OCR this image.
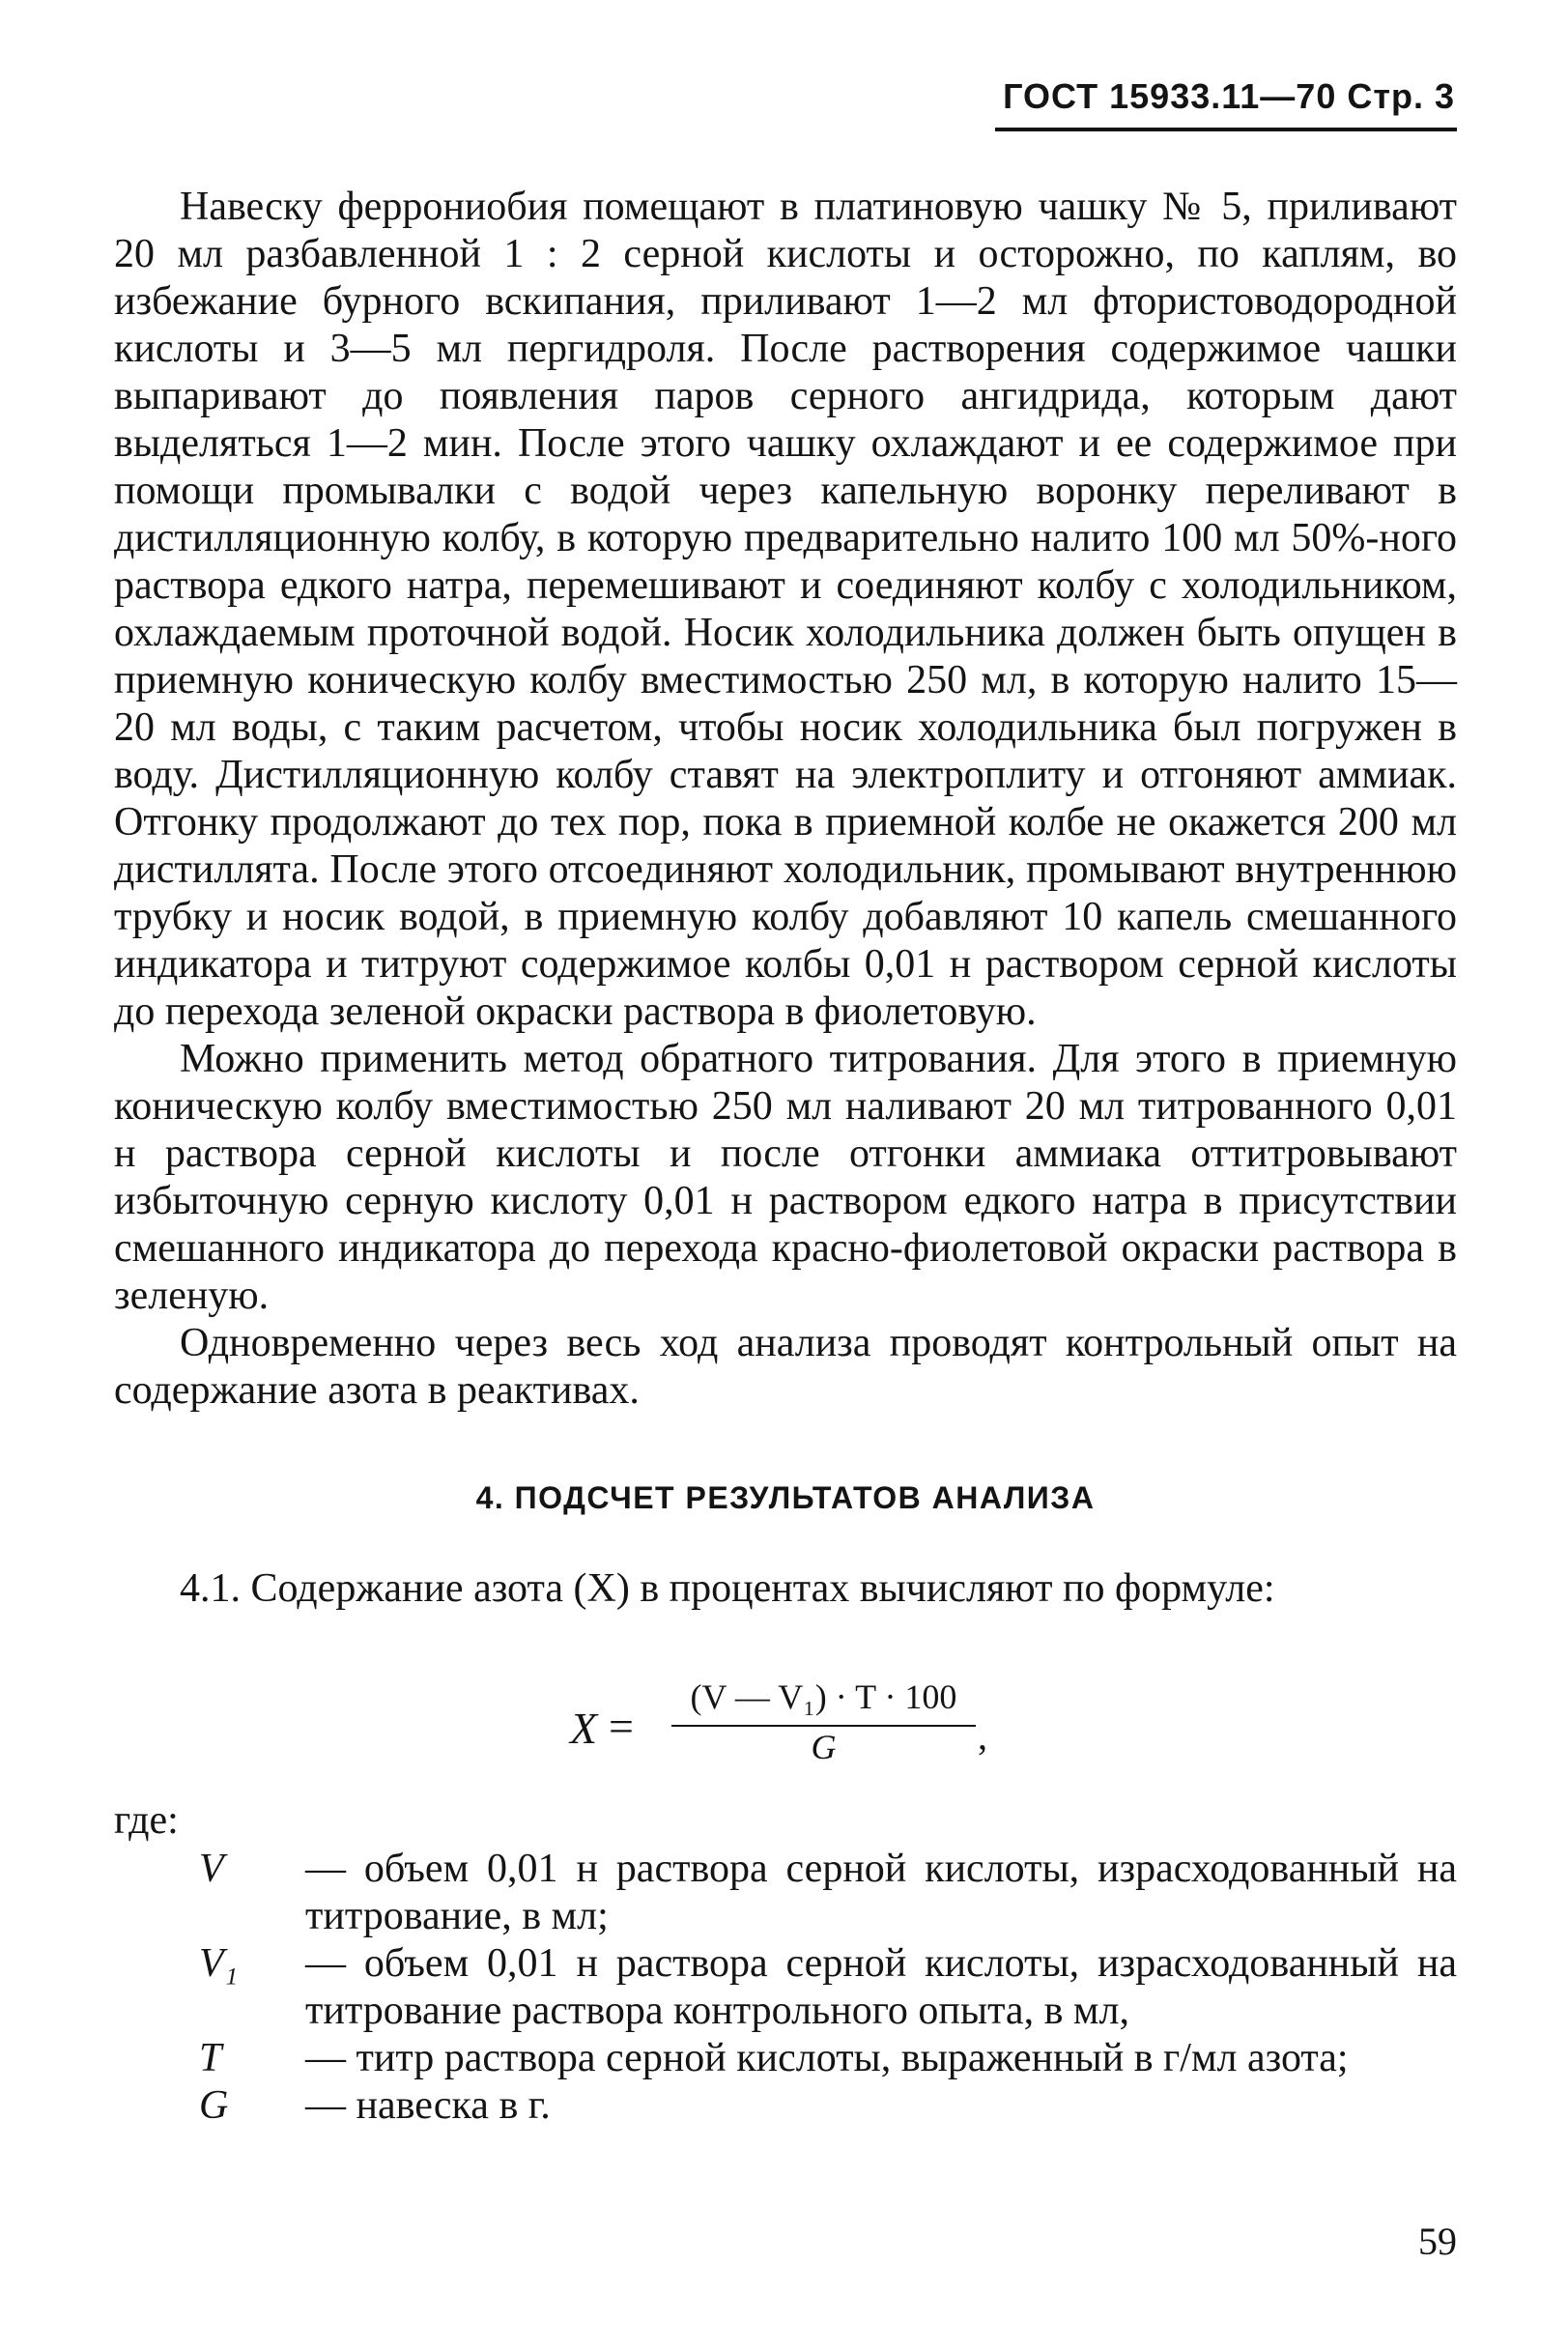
ГОСТ 15933.11—70 Стр. 3

Навеску феррониобия помещают в платиновую чашку № 5, приливают 20 мл разбавленной 1 : 2 серной кислоты и осторожно, по каплям, во избежание бурного вскипания, приливают 1—2 мл фтористоводородной кислоты и 3—5 мл пергидроля. После растворения содержимое чашки выпаривают до появления паров серного ангидрида, которым дают выделяться 1—2 мин. После этого чашку охлаждают и ее содержимое при помощи промывалки с водой через капельную воронку переливают в дистилляционную колбу, в которую предварительно налито 100 мл 50%-ного раствора едкого натра, перемешивают и соединяют колбу с холодильником, охлаждаемым проточной водой. Носик холодильника должен быть опущен в приемную коническую колбу вместимостью 250 мл, в которую налито 15—20 мл воды, с таким расчетом, чтобы носик холодильника был погружен в воду. Дистилляционную колбу ставят на электроплиту и отгоняют аммиак. Отгонку продолжают до тех пор, пока в приемной колбе не окажется 200 мл дистиллята. После этого отсоединяют холодильник, промывают внутреннюю трубку и носик водой, в приемную колбу добавляют 10 капель смешанного индикатора и титруют содержимое колбы 0,01 н раствором серной кислоты до перехода зеленой окраски раствора в фиолетовую.

Можно применить метод обратного титрования. Для этого в приемную коническую колбу вместимостью 250 мл наливают 20 мл титрованного 0,01 н раствора серной кислоты и после отгонки аммиака оттитровывают избыточную серную кислоту 0,01 н раствором едкого натра в присутствии смешанного индикатора до перехода красно-фиолетовой окраски раствора в зеленую.

Одновременно через весь ход анализа проводят контрольный опыт на содержание азота в реактивах.

4. ПОДСЧЕТ РЕЗУЛЬТАТОВ АНАЛИЗА

4.1. Содержание азота (X) в процентах вычисляют по формуле:

X =
(V — V₁) · T · 100
G	,
где:
V	— объем 0,01 н раствора серной кислоты, израсходованный на титрование, в мл;
V₁	— объем 0,01 н раствора серной кислоты, израсходованный на титрование раствора контрольного опыта, в мл,
T	— титр раствора серной кислоты, выраженный в г/мл азота;
G	— навеска в г.
59
